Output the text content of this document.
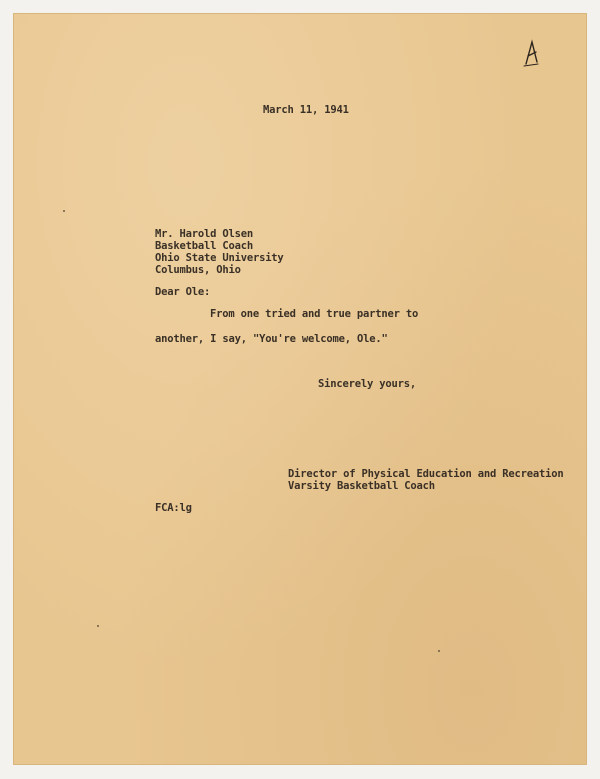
March 11, 1941
Mr. Harold Olsen
Basketball Coach
Ohio State University
Columbus, Ohio
Dear Ole:
From one tried and true partner to
another, I say, "You're welcome, Ole."
Sincerely yours,
Director of Physical Education and Recreation
Varsity Basketball Coach
FCA:lg
